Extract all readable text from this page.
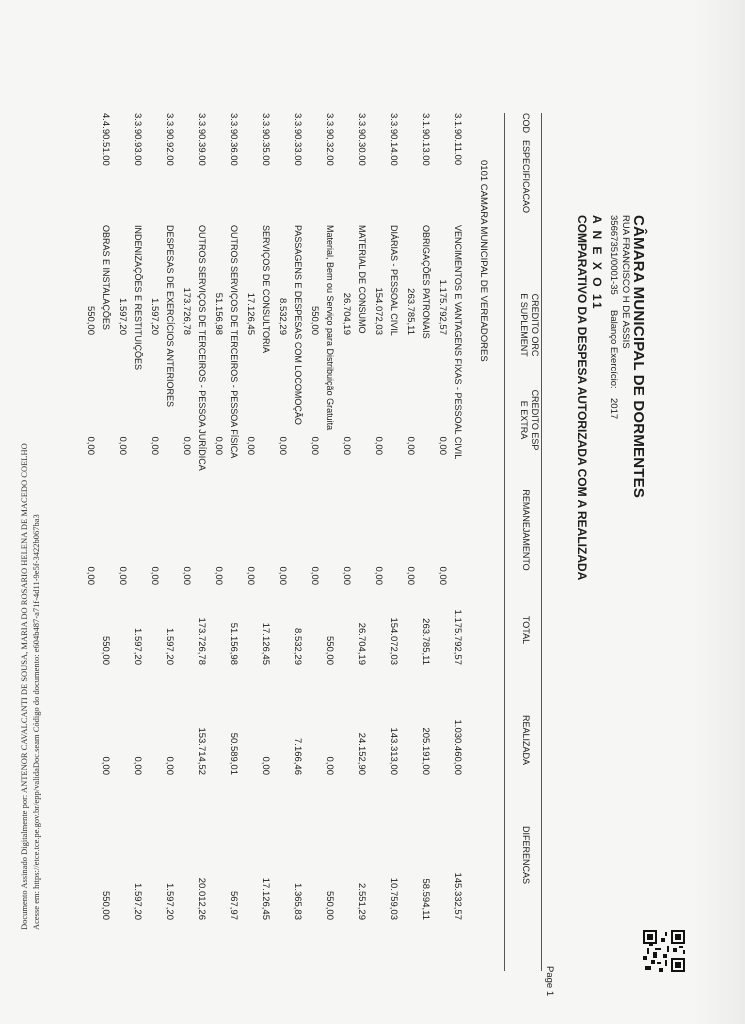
CÂMARA MUNICIPAL DE DORMENTES
RUA FRANCISCO H DE ASSIS
35667351/0001-35
Balanço Exercício:
2017
A N E X O 11
COMPARATIVO DA DESPESA AUTORIZADA COM A REALIZADA
Page 1
COD
ESPECIFICACAO
CREDITO ORC
E SUPLEMENT
CREDITO ESP
E EXTRA
REMANEJAMENTO
TOTAL
REALIZADA
DIFERENCAS
0101 CAMARA MUNICIPAL DE VEREADORES
3.1.90.11.00
VENCIMENTOS E VANTAGENS FIXAS - PESSOAL CIVIL
1.175.792,57
0,00
0,00
1.175.792,57
1.030.460,00
145.332,57
3.1.90.13.00
OBRIGAÇÕES PATRONAIS
263.785,11
0,00
0,00
263.785,11
205.191,00
58.594,11
3.3.90.14.00
DIÁRIAS - PESSOAL CIVIL
154.072,03
0,00
0,00
154.072,03
143.313,00
10.759,03
3.3.90.30.00
MATERIAL DE CONSUMO
26.704,19
0,00
0,00
26.704,19
24.152,90
2.551,29
3.3.90.32.00
Material, Bem ou Serviço para Distribuição Gratuita
550,00
0,00
0,00
550,00
0,00
550,00
3.3.90.33.00
PASSAGENS E DESPESAS COM LOCOMOÇÃO
8.532,29
0,00
0,00
8.532,29
7.166,46
1.365,83
3.3.90.35.00
SERVIÇOS DE CONSULTORIA
17.126,45
0,00
0,00
17.126,45
0,00
17.126,45
3.3.90.36.00
OUTROS SERVIÇOS DE TERCEIROS - PESSOA FÍSICA
51.156,98
0,00
0,00
51.156,98
50.589,01
567,97
3.3.90.39.00
OUTROS SERVIÇOS DE TERCEIROS - PESSOA JURÍDICA
173.726,78
0,00
0,00
173.726,78
153.714,52
20.012,26
3.3.90.92.00
DESPESAS DE EXERCÍCIOS ANTERIORES
1.597,20
0,00
0,00
1.597,20
0,00
1.597,20
3.3.90.93.00
INDENIZAÇÕES E RESTITUIÇÕES
1.597,20
0,00
0,00
1.597,20
0,00
1.597,20
4.4.90.51.00
OBRAS E INSTALAÇÕES
550,00
0,00
0,00
550,00
0,00
550,00
Documento Assinado Digitalmente por: ANTENOR CAVALCANTI DE SOUSA, MARIA DO ROSARIO HELENA DE MACEDO COELHO Acesse em: https://etce.tce.pe.gov.br/epp/validaDoc.seam Código do documento: e604b487-a71f-4d11-9e5f-3422b067ba3
